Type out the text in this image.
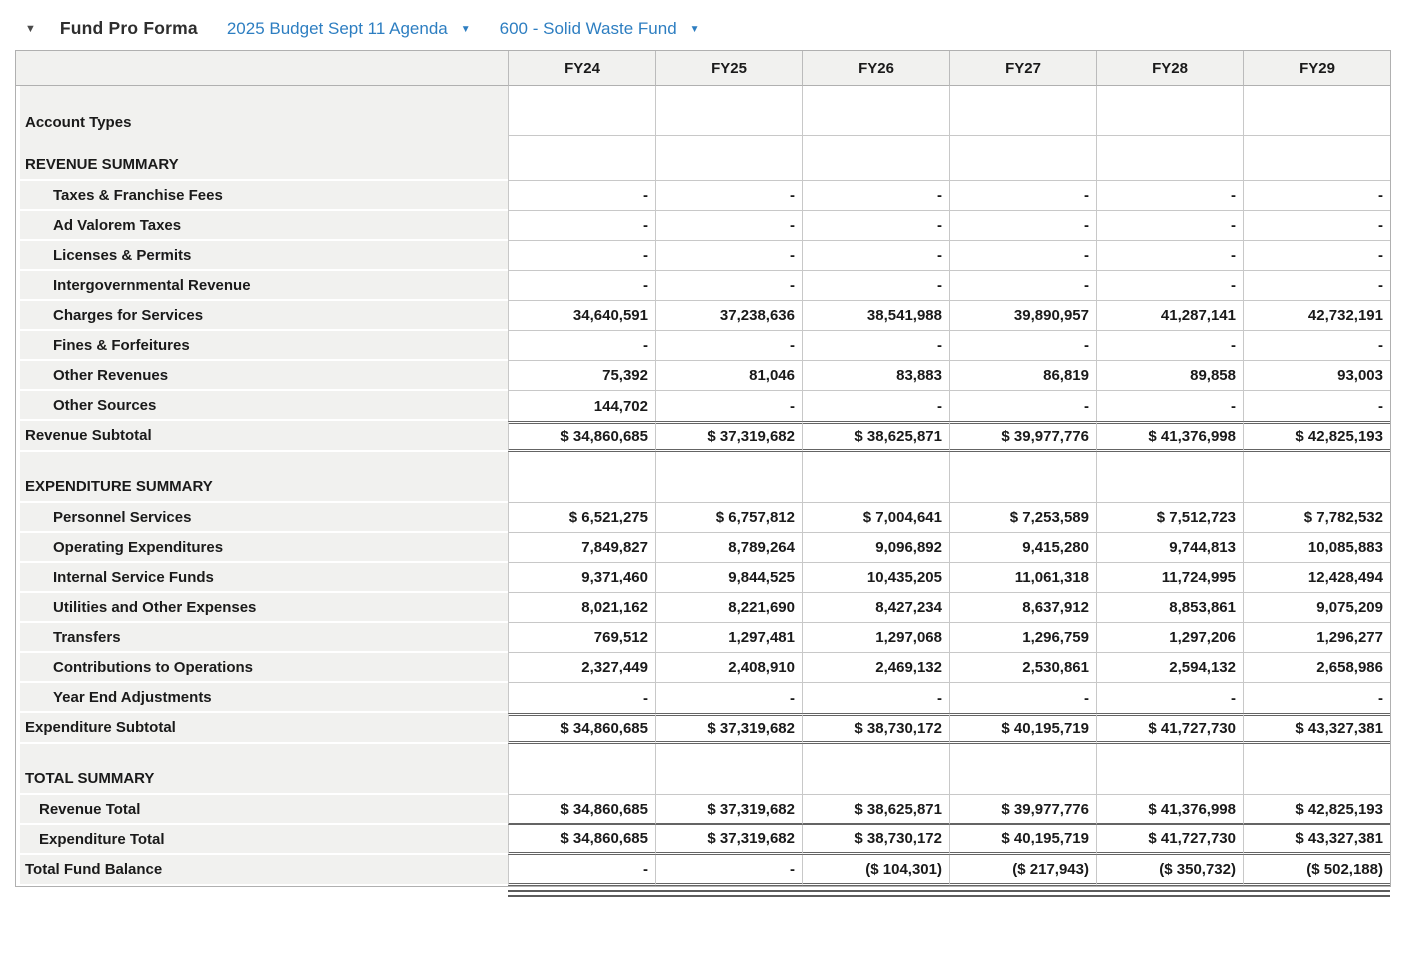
▼ Fund Pro Forma 2025 Budget Sept 11 Agenda ▼ 600 - Solid Waste Fund ▼
	FY24	FY25	FY26	FY27	FY28	FY29
Account Types						
REVENUE SUMMARY						
Taxes & Franchise Fees	-	-	-	-	-	-
Ad Valorem Taxes	-	-	-	-	-	-
Licenses & Permits	-	-	-	-	-	-
Intergovernmental Revenue	-	-	-	-	-	-
Charges for Services	34,640,591	37,238,636	38,541,988	39,890,957	41,287,141	42,732,191
Fines & Forfeitures	-	-	-	-	-	-
Other Revenues	75,392	81,046	83,883	86,819	89,858	93,003
Other Sources	144,702	-	-	-	-	-
Revenue Subtotal	$ 34,860,685	$ 37,319,682	$ 38,625,871	$ 39,977,776	$ 41,376,998	$ 42,825,193
EXPENDITURE SUMMARY						
Personnel Services	$ 6,521,275	$ 6,757,812	$ 7,004,641	$ 7,253,589	$ 7,512,723	$ 7,782,532
Operating Expenditures	7,849,827	8,789,264	9,096,892	9,415,280	9,744,813	10,085,883
Internal Service Funds	9,371,460	9,844,525	10,435,205	11,061,318	11,724,995	12,428,494
Utilities and Other Expenses	8,021,162	8,221,690	8,427,234	8,637,912	8,853,861	9,075,209
Transfers	769,512	1,297,481	1,297,068	1,296,759	1,297,206	1,296,277
Contributions to Operations	2,327,449	2,408,910	2,469,132	2,530,861	2,594,132	2,658,986
Year End Adjustments	-	-	-	-	-	-
Expenditure Subtotal	$ 34,860,685	$ 37,319,682	$ 38,730,172	$ 40,195,719	$ 41,727,730	$ 43,327,381
TOTAL SUMMARY						
Revenue Total	$ 34,860,685	$ 37,319,682	$ 38,625,871	$ 39,977,776	$ 41,376,998	$ 42,825,193
Expenditure Total	$ 34,860,685	$ 37,319,682	$ 38,730,172	$ 40,195,719	$ 41,727,730	$ 43,327,381
Total Fund Balance	-	-	($ 104,301)	($ 217,943)	($ 350,732)	($ 502,188)
